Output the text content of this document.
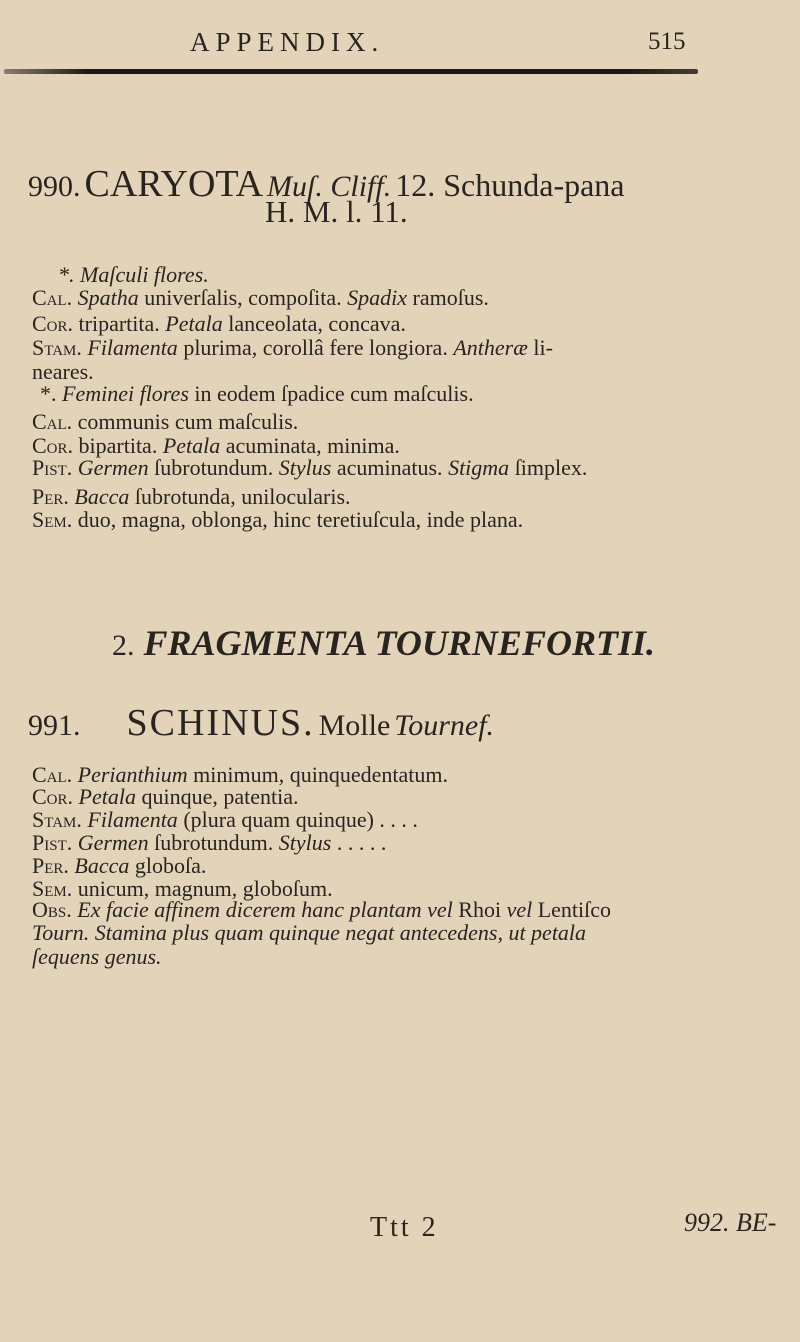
APPENDIX.	515
990. CARYOTA Muſ. Cliff. 12. Schunda-pana
H. M. l. 11.
*. Maſculi flores.
Cal. Spatha univerſalis, compoſita. Spadix ramoſus.
Cor. tripartita. Petala lanceolata, concava.
Stam. Filamenta plurima, corollâ fere longiora. Antheræ li-
neares.
*. Feminei flores in eodem ſpadice cum maſculis.
Cal. communis cum maſculis.
Cor. bipartita. Petala acuminata, minima.
Pist. Germen ſubrotundum. Stylus acuminatus. Stigma ſimplex.
Per. Bacca ſubrotunda, unilocularis.
Sem. duo, magna, oblonga, hinc teretiuſcula, inde plana.
2. FRAGMENTA TOURNEFORTII.
991. SCHINUS. Molle Tournef.
Cal. Perianthium minimum, quinquedentatum.
Cor. Petala quinque, patentia.
Stam. Filamenta (plura quam quinque) . . . .
Pist. Germen ſubrotundum. Stylus . . . . .
Per. Bacca globoſa.
Sem. unicum, magnum, globoſum.
Obs. Ex facie affinem dicerem hanc plantam vel Rhoi vel Lentiſco
Tourn. Stamina plus quam quinque negat antecedens, ut petala
ſequens genus.
Ttt 2	992. BE-
